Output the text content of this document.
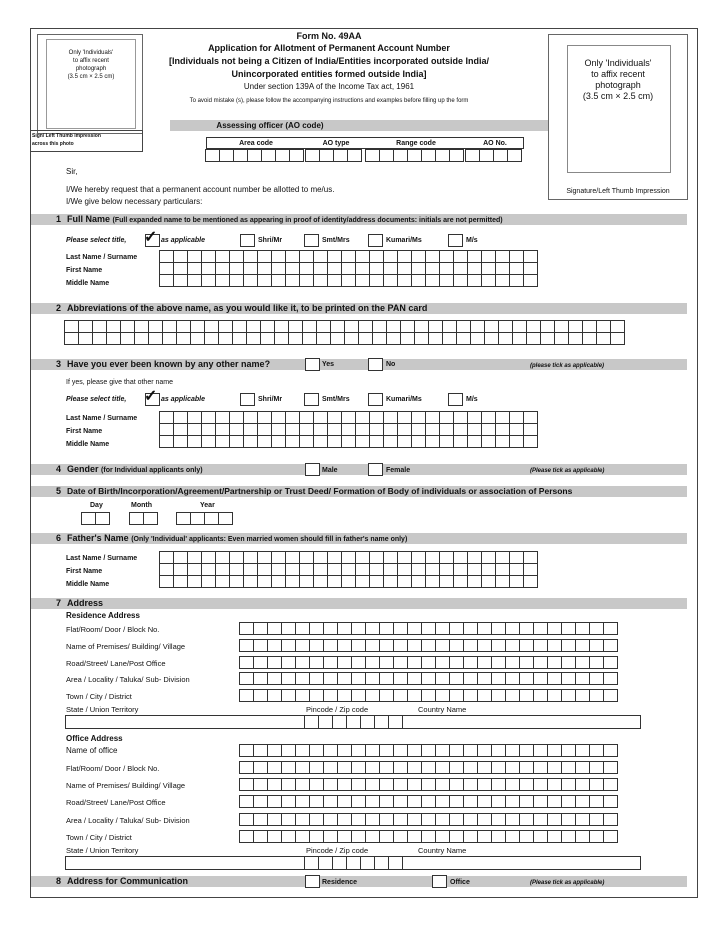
Form No. 49AA
Application for Allotment of Permanent Account Number
[Individuals not being a Citizen of India/Entities incorporated outside India/
Unincorporated entities formed outside India]
Under section 139A of the Income Tax act, 1961
To avoid mistake (s), please follow the accompanying instructions and examples before filling up the form
Only 'Individuals'
to affix recent
photograph
(3.5 cm × 2.5 cm)
Sign/ Left Thumb impression
across this photo
Only 'Individuals'
to affix recent
photograph
(3.5 cm × 2.5 cm)
Signature/Left Thumb Impression
Assessing officer (AO code)
Area code	AO type	Range code	AO No.
Sir,
I/We hereby request that a permanent account number be allotted to me/us.
I/We give below necessary particulars:
1 Full Name (Full expanded name to be mentioned as appearing in proof of identity/address documents: initials are not permitted)
Please select title, ✓ as applicable	Shri/Mr	Smt/Mrs	Kumari/Ms	M/s
Last Name / Surname
First Name
Middle Name
2 Abbreviations of the above name, as you would like it, to be printed on the PAN card
3 Have you ever been known by any other name?	Yes	No	(please tick as applicable)
If yes, please give that other name
Please select title, ✓ as applicable	Shri/Mr	Smt/Mrs	Kumari/Ms	M/s
Last Name / Surname
First Name
Middle Name
4 Gender (for Individual applicants only)	Male	Female	(Please tick as applicable)
5 Date of Birth/Incorporation/Agreement/Partnership or Trust Deed/ Formation of Body of individuals or association of Persons
Day	Month	Year
6 Father's Name (Only 'Individual' applicants: Even married women should fill in father's name only)
Last Name / Surname
First Name
Middle Name
7 Address
Residence Address
Flat/Room/ Door / Block No.
Name of Premises/ Building/ Village
Road/Street/ Lane/Post Office
Area / Locality / Taluka/ Sub- Division
Town / City / District
State / Union Territory	Pincode / Zip code	Country Name
Office Address
Name of office
Flat/Room/ Door / Block No.
Name of Premises/ Building/ Village
Road/Street/ Lane/Post Office
Area / Locality / Taluka/ Sub- Division
Town / City / District
State / Union Territory	Pincode / Zip code	Country Name
8 Address for Communication	Residence	Office	(Please tick as applicable)
